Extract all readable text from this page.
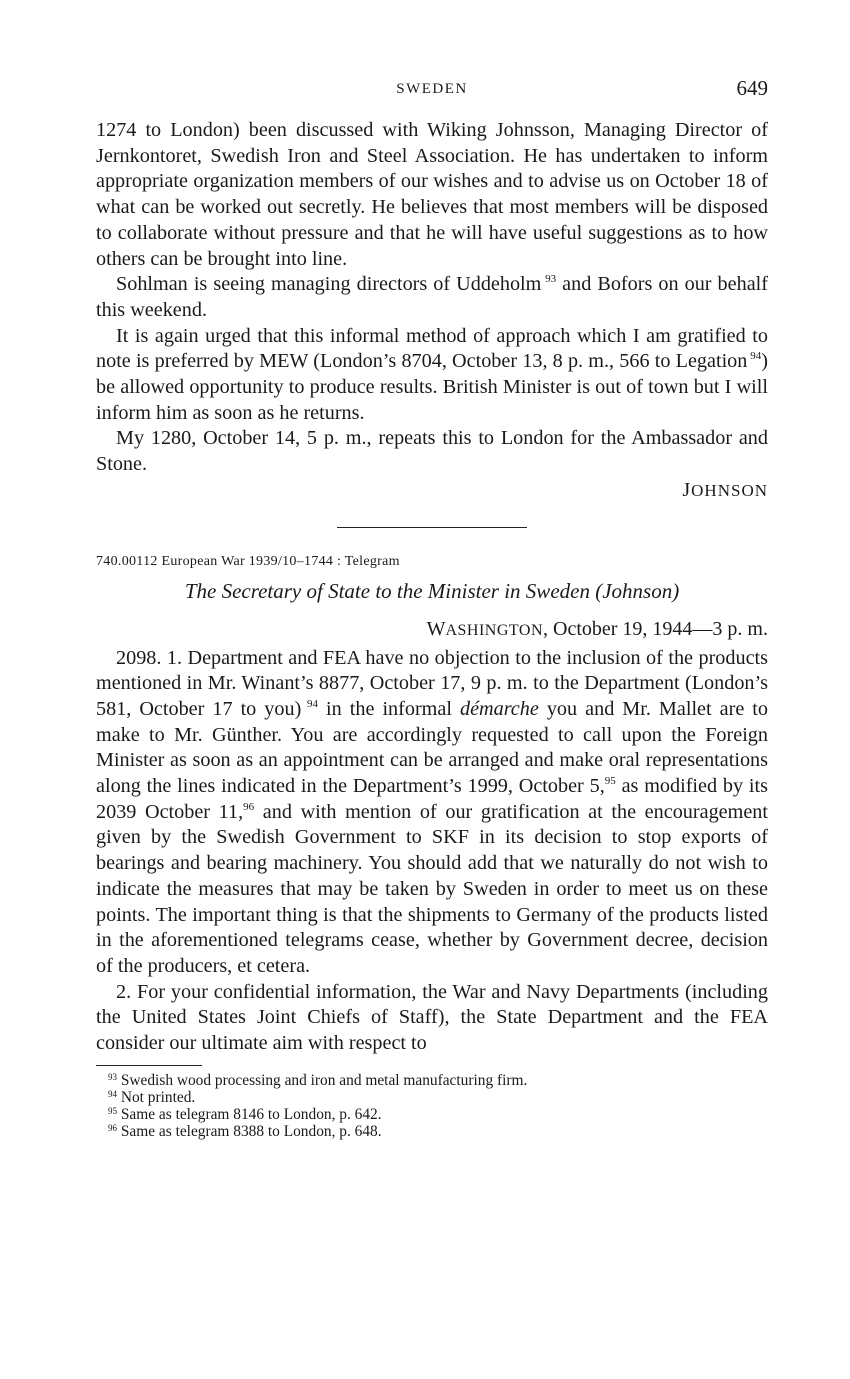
SWEDEN	649

1274 to London) been discussed with Wiking Johnsson, Managing Director of Jernkontoret, Swedish Iron and Steel Association. He has undertaken to inform appropriate organization members of our wishes and to advise us on October 18 of what can be worked out secretly. He believes that most members will be disposed to collaborate without pressure and that he will have useful suggestions as to how others can be brought into line.

Sohlman is seeing managing directors of Uddeholm $^{93}$ and Bofors on our behalf this weekend.

It is again urged that this informal method of approach which I am gratified to note is preferred by MEW (London’s 8704, October 13, 8 p. m., 566 to Legation $^{94}$) be allowed opportunity to produce results. British Minister is out of town but I will inform him as soon as he returns.

My 1280, October 14, 5 p. m., repeats this to London for the Ambassador and Stone.

JOHNSON
740.00112 European War 1939/10–1744 : Telegram
The Secretary of State to the Minister in Sweden (Johnson)
WASHINGTON, October 19, 1944—3 p. m.

2098. 1. Department and FEA have no objection to the inclusion of the products mentioned in Mr. Winant’s 8877, October 17, 9 p. m. to the Department (London’s 581, October 17 to you) $^{94}$ in the informal démarche you and Mr. Mallet are to make to Mr. Günther. You are accordingly requested to call upon the Foreign Minister as soon as an appointment can be arranged and make oral representations along the lines indicated in the Department’s 1999, October 5,95 as modified by its 2039 October 11,96 and with mention of our gratification at the encouragement given by the Swedish Government to SKF in its decision to stop exports of bearings and bearing machinery. You should add that we naturally do not wish to indicate the measures that may be taken by Sweden in order to meet us on these points. The important thing is that the shipments to Germany of the products listed in the aforementioned telegrams cease, whether by Government decree, decision of the producers, et cetera.

2. For your confidential information, the War and Navy Departments (including the United States Joint Chiefs of Staff), the State Department and the FEA consider our ultimate aim with respect to

$^{93}$ Swedish wood processing and iron and metal manufacturing firm.
$^{94}$ Not printed.
$^{95}$ Same as telegram 8146 to London, p. 642.
$^{96}$ Same as telegram 8388 to London, p. 648.
